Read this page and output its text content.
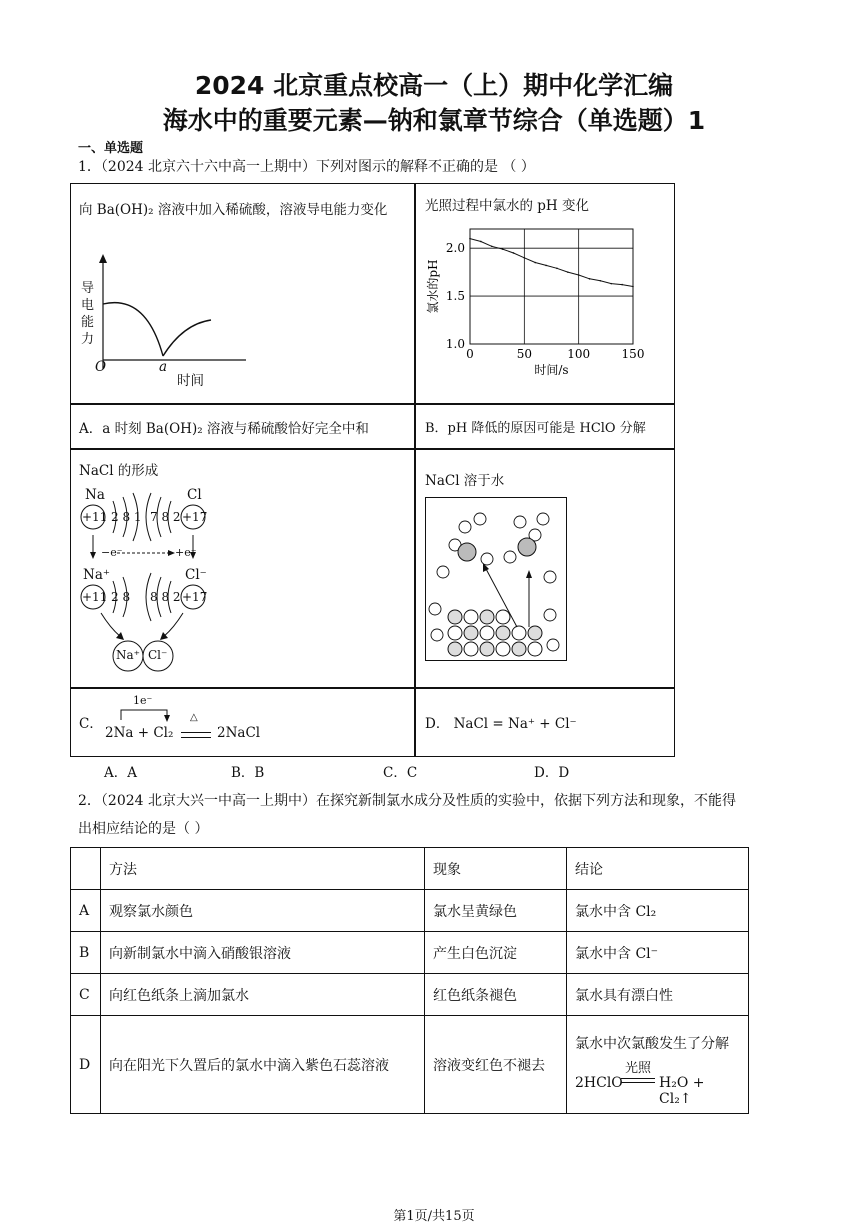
2024 北京重点校高一（上）期中化学汇编
海水中的重要元素—钠和氯章节综合（单选题）1
一、单选题
1．（2024 北京六十六中高一上期中）下列对图示的解释不正确的是 （ ）
向 Ba(OH)₂ 溶液中加入稀硫酸，溶液导电能力变化
导
电
能
力
O	a
时间
光照过程中氯水的 pH 变化
0	50	100	150
1.0
1.5
2.0
时间/s
氯水的pH
A．a 时刻 Ba(OH)₂ 溶液与稀硫酸恰好完全中和	B．pH 降低的原因可能是 HClO 分解
NaCl 的形成
Na	Cl
+11 2 8 1 7 8 2 +17
−e⁻	+e⁻
Na⁺	Cl⁻
+11 2 8 8 8 2 +17
Na⁺ Cl⁻
NaCl 溶于水
C．
1e⁻
2Na + Cl₂
△
2NaCl
D． NaCl = Na⁺ + Cl⁻
A．A	B．B	C．C	D．D
2．（2024 北京大兴一中高一上期中）在探究新制氯水成分及性质的实验中，依据下列方法和现象，不能得
出相应结论的是（ ）
	方法	现象	结论
A	观察氯水颜色	氯水呈黄绿色	氯水中含 Cl₂
B	向新制氯水中滴入硝酸银溶液	产生白色沉淀	氯水中含 Cl⁻
C	向红色纸条上滴加氯水	红色纸条褪色	氯水具有漂白性
D	向在阳光下久置后的氯水中滴入紫色石蕊溶液	溶液变红色不褪去	氯水中次氯酸发生了分解
2HClO
光照
H₂O + Cl₂↑
第1页/共15页
